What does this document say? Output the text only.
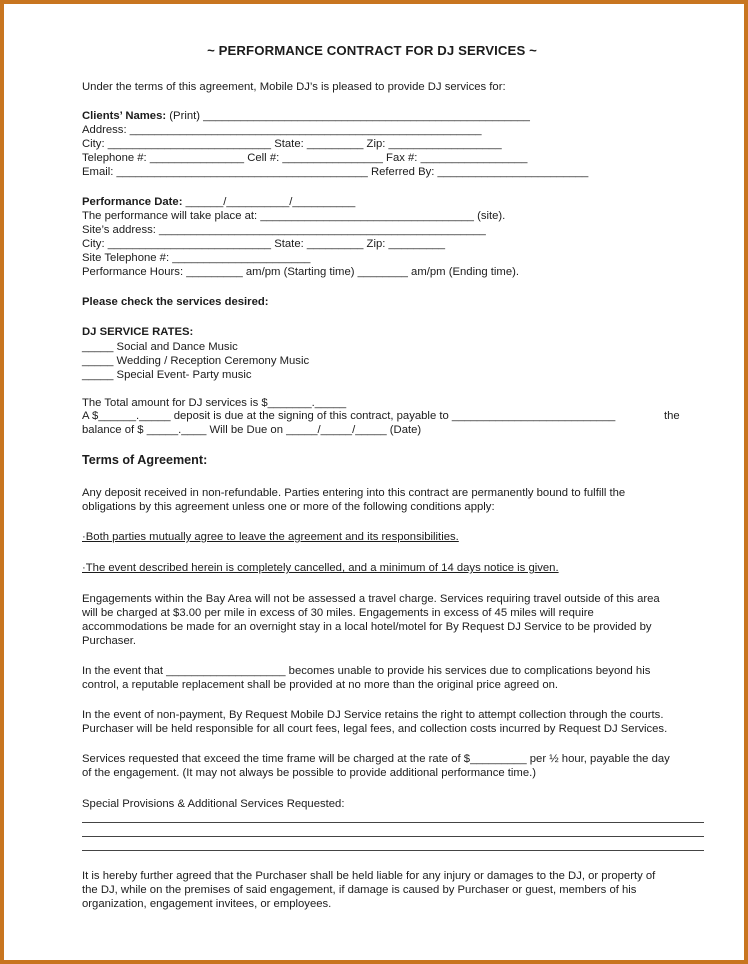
~ PERFORMANCE CONTRACT FOR DJ SERVICES ~
Under the terms of this agreement, Mobile DJ’s is pleased to provide DJ services for:
Clients’ Names: (Print) ____________________________________________________
Address: ________________________________________________________
City: __________________________ State: _________ Zip: __________________
Telephone #: _______________ Cell #: ________________ Fax #: _________________
Email: ________________________________________ Referred By: ________________________
Performance Date: ______/__________/__________
The performance will take place at: __________________________________ (site).
Site’s address: ____________________________________________________
City: __________________________ State: _________ Zip: _________
Site Telephone #: ______________________
Performance Hours: _________ am/pm (Starting time) ________ am/pm (Ending time).
Please check the services desired:
DJ SERVICE RATES:
_____ Social and Dance Music
_____ Wedding / Reception Ceremony Music
_____ Special Event- Party music
The Total amount for DJ services is $_______._____
A $______._____ deposit is due at the signing of this contract, payable to __________________________	the
balance of $ _____.____ Will be Due on _____/_____/_____ (Date)
Terms of Agreement:
Any deposit received in non-refundable. Parties entering into this contract are permanently bound to fulfill the
obligations by this agreement unless one or more of the following conditions apply:
·Both parties mutually agree to leave the agreement and its responsibilities.
·The event described herein is completely cancelled, and a minimum of 14 days notice is given.
Engagements within the Bay Area will not be assessed a travel charge. Services requiring travel outside of this area
will be charged at $3.00 per mile in excess of 30 miles. Engagements in excess of 45 miles will require
accommodations be made for an overnight stay in a local hotel/motel for By Request DJ Service to be provided by
Purchaser.
In the event that ___________________ becomes unable to provide his services due to complications beyond his
control, a reputable replacement shall be provided at no more than the original price agreed on.
In the event of non-payment, By Request Mobile DJ Service retains the right to attempt collection through the courts.
Purchaser will be held responsible for all court fees, legal fees, and collection costs incurred by Request DJ Services.
Services requested that exceed the time frame will be charged at the rate of $_________ per ½ hour, payable the day
of the engagement. (It may not always be possible to provide additional performance time.)
Special Provisions & Additional Services Requested:
It is hereby further agreed that the Purchaser shall be held liable for any injury or damages to the DJ, or property of
the DJ, while on the premises of said engagement, if damage is caused by Purchaser or guest, members of his
organization, engagement invitees, or employees.
